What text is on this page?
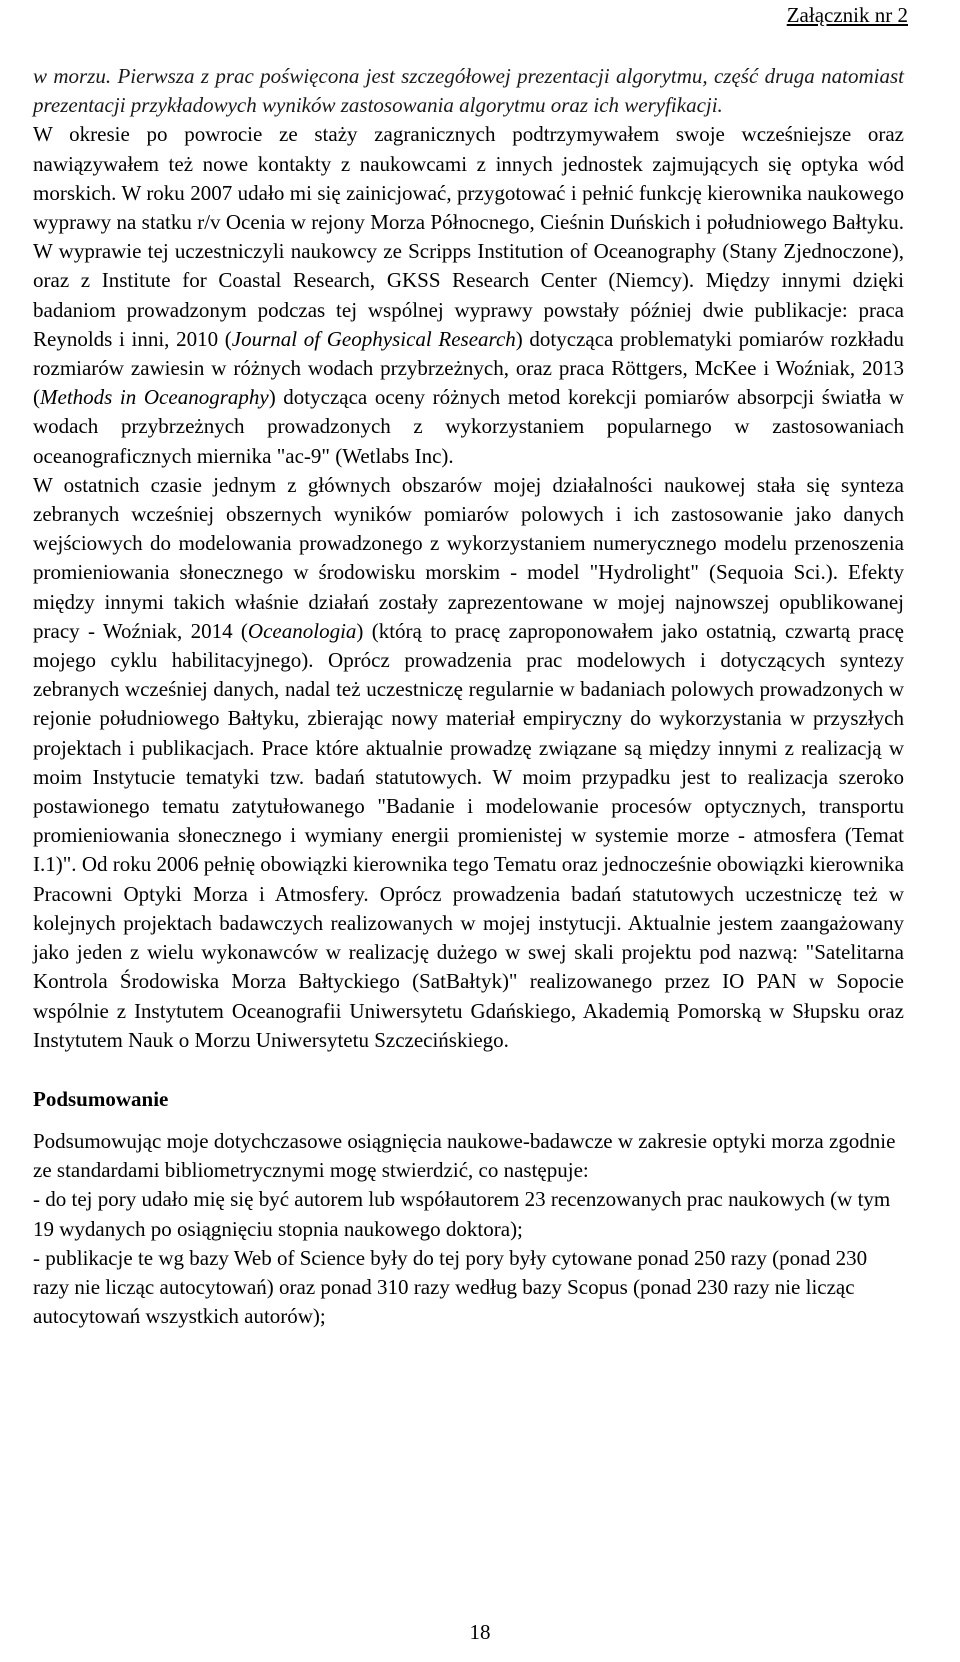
Załącznik nr 2

w morzu. Pierwsza z prac poświęcona jest szczegółowej prezentacji algorytmu, część druga natomiast prezentacji przykładowych wyników zastosowania algorytmu oraz ich weryfikacji.

W okresie po powrocie ze staży zagranicznych podtrzymywałem swoje wcześniejsze oraz nawiązywałem też nowe kontakty z naukowcami z innych jednostek zajmujących się optyka wód morskich. W roku 2007 udało mi się zainicjować, przygotować i pełnić funkcję kierownika naukowego wyprawy na statku r/v Ocenia w rejony Morza Północnego, Cieśnin Duńskich i południowego Bałtyku. W wyprawie tej uczestniczyli naukowcy ze Scripps Institution of Oceanography (Stany Zjednoczone), oraz z Institute for Coastal Research, GKSS Research Center (Niemcy). Między innymi dzięki badaniom prowadzonym podczas tej wspólnej wyprawy powstały później dwie publikacje: praca Reynolds i inni, 2010 (Journal of Geophysical Research) dotycząca problematyki pomiarów rozkładu rozmiarów zawiesin w różnych wodach przybrzeżnych, oraz praca Röttgers, McKee i Woźniak, 2013 (Methods in Oceanography) dotycząca oceny różnych metod korekcji pomiarów absorpcji światła w wodach przybrzeżnych prowadzonych z wykorzystaniem popularnego w zastosowaniach oceanograficznych miernika "ac-9" (Wetlabs Inc).

W ostatnich czasie jednym z głównych obszarów mojej działalności naukowej stała się synteza zebranych wcześniej obszernych wyników pomiarów polowych i ich zastosowanie jako danych wejściowych do modelowania prowadzonego z wykorzystaniem numerycznego modelu przenoszenia promieniowania słonecznego w środowisku morskim - model "Hydrolight" (Sequoia Sci.). Efekty między innymi takich właśnie działań zostały zaprezentowane w mojej najnowszej opublikowanej pracy - Woźniak, 2014 (Oceanologia) (którą to pracę zaproponowałem jako ostatnią, czwartą pracę mojego cyklu habilitacyjnego). Oprócz prowadzenia prac modelowych i dotyczących syntezy zebranych wcześniej danych, nadal też uczestniczę regularnie w badaniach polowych prowadzonych w rejonie południowego Bałtyku, zbierając nowy materiał empiryczny do wykorzystania w przyszłych projektach i publikacjach. Prace które aktualnie prowadzę związane są między innymi z realizacją w moim Instytucie tematyki tzw. badań statutowych. W moim przypadku jest to realizacja szeroko postawionego tematu zatytułowanego "Badanie i modelowanie procesów optycznych, transportu promieniowania słonecznego i wymiany energii promienistej w systemie morze - atmosfera (Temat I.1)". Od roku 2006 pełnię obowiązki kierownika tego Tematu oraz jednocześnie obowiązki kierownika Pracowni Optyki Morza i Atmosfery. Oprócz prowadzenia badań statutowych uczestniczę też w kolejnych projektach badawczych realizowanych w mojej instytucji. Aktualnie jestem zaangażowany jako jeden z wielu wykonawców w realizację dużego w swej skali projektu pod nazwą: "Satelitarna Kontrola Środowiska Morza Bałtyckiego (SatBałtyk)" realizowanego przez IO PAN w Sopocie wspólnie z Instytutem Oceanografii Uniwersytetu Gdańskiego, Akademią Pomorską w Słupsku oraz Instytutem Nauk o Morzu Uniwersytetu Szczecińskiego.

Podsumowanie

Podsumowując moje dotychczasowe osiągnięcia naukowe-badawcze w zakresie optyki morza zgodnie ze standardami bibliometrycznymi mogę stwierdzić, co następuje:

- do tej pory udało mię się być autorem lub współautorem 23 recenzowanych prac naukowych (w tym 19 wydanych po osiągnięciu stopnia naukowego doktora);

- publikacje te wg bazy Web of Science były do tej pory były cytowane ponad 250 razy (ponad 230 razy nie licząc autocytowań) oraz ponad 310 razy według bazy Scopus (ponad 230 razy nie licząc autocytowań wszystkich autorów);

18
